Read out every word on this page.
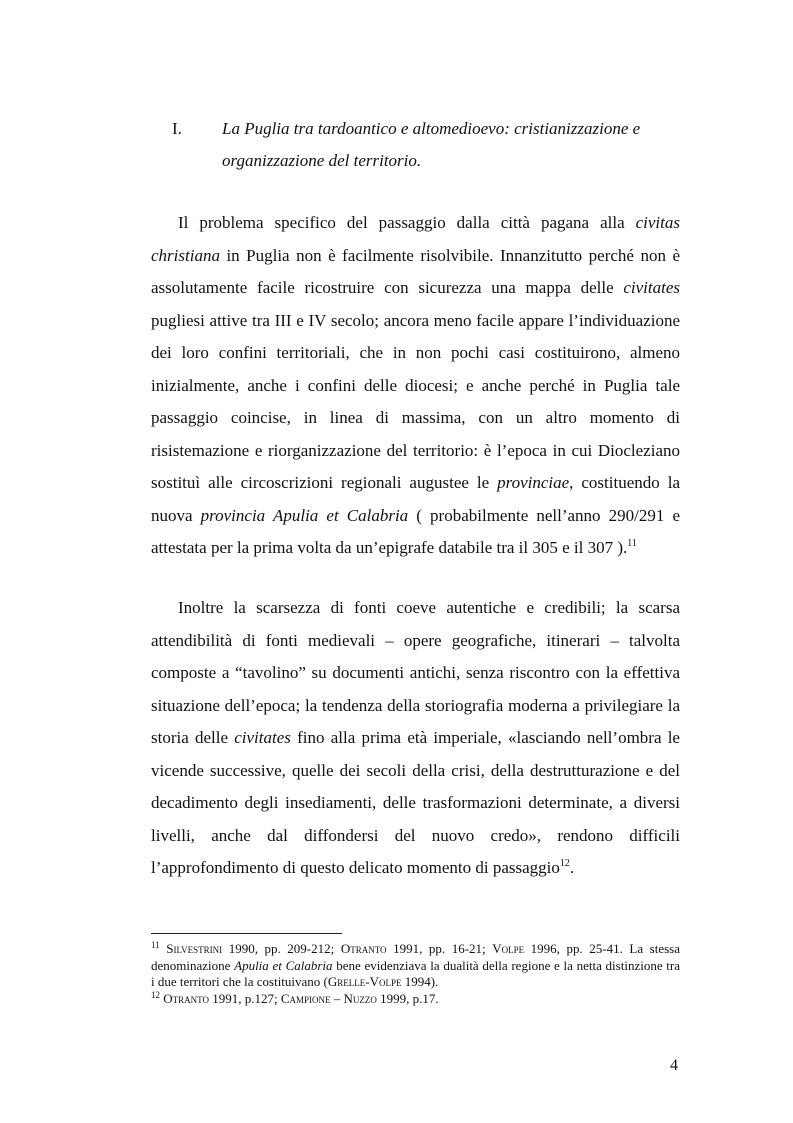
I. La Puglia tra tardoantico e altomedioevo: cristianizzazione e organizzazione del territorio.
Il problema specifico del passaggio dalla città pagana alla civitas christiana in Puglia non è facilmente risolvibile. Innanzitutto perché non è assolutamente facile ricostruire con sicurezza una mappa delle civitates pugliesi attive tra III e IV secolo; ancora meno facile appare l’individuazione dei loro confini territoriali, che in non pochi casi costituirono, almeno inizialmente, anche i confini delle diocesi; e anche perché in Puglia tale passaggio coincise, in linea di massima, con un altro momento di risistemazione e riorganizzazione del territorio: è l’epoca in cui Diocleziano sostituì alle circoscrizioni regionali augustee le provinciae, costituendo la nuova provincia Apulia et Calabria ( probabilmente nell’anno 290/291 e attestata per la prima volta da un’epigrafe databile tra il 305 e il 307 ).$^{11}$
Inoltre la scarsezza di fonti coeve autentiche e credibili; la scarsa attendibilità di fonti medievali – opere geografiche, itinerari – talvolta composte a “tavolino” su documenti antichi, senza riscontro con la effettiva situazione dell’epoca; la tendenza della storiografia moderna a privilegiare la storia delle civitates fino alla prima età imperiale, «lasciando nell’ombra le vicende successive, quelle dei secoli della crisi, della destrutturazione e del decadimento degli insediamenti, delle trasformazioni determinate, a diversi livelli, anche dal diffondersi del nuovo credo», rendono difficili l’approfondimento di questo delicato momento di passaggio$^{12}$.
$^{11}$ Silvestrini 1990, pp. 209-212; Otranto 1991, pp. 16-21; Volpe 1996, pp. 25-41. La stessa denominazione Apulia et Calabria bene evidenziava la dualità della regione e la netta distinzione tra i due territori che la costituivano (Grelle-Volpe 1994).
$^{12}$ Otranto 1991, p.127; Campione – Nuzzo 1999, p.17.
4
